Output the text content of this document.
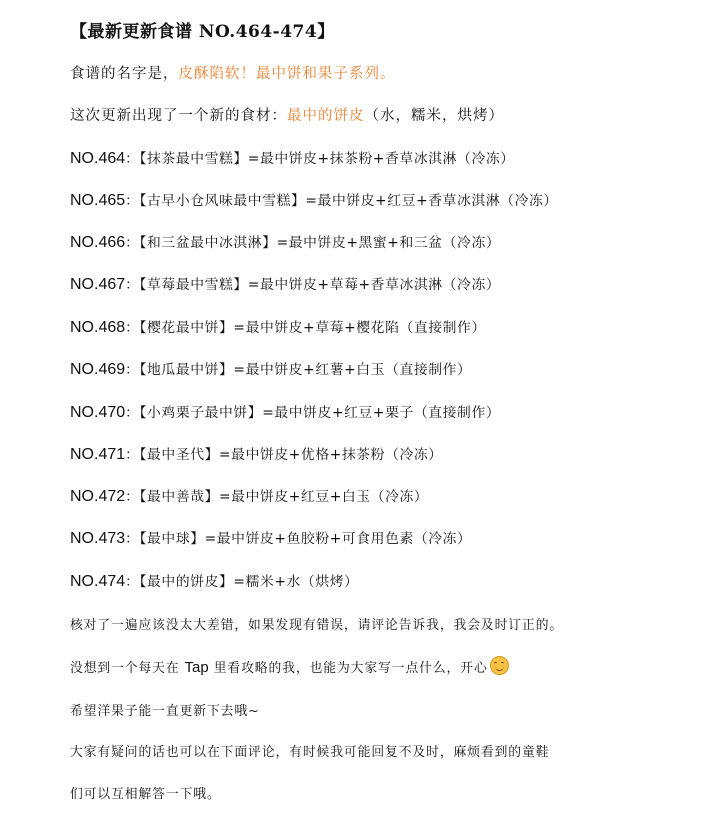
【最新更新食谱 NO.464-474】
食谱的名字是，皮酥陷软！最中饼和果子系列。
这次更新出现了一个新的食材：最中的饼皮（水，糯米，烘烤）
NO.464：【抹茶最中雪糕】=最中饼皮+抹茶粉+香草冰淇淋（冷冻）
NO.465：【古早小仓风味最中雪糕】=最中饼皮+红豆+香草冰淇淋（冷冻）
NO.466：【和三盆最中冰淇淋】=最中饼皮+黑蜜+和三盆（冷冻）
NO.467：【草莓最中雪糕】=最中饼皮+草莓+香草冰淇淋（冷冻）
NO.468：【樱花最中饼】=最中饼皮+草莓+樱花陷（直接制作）
NO.469：【地瓜最中饼】=最中饼皮+红薯+白玉（直接制作）
NO.470：【小鸡栗子最中饼】=最中饼皮+红豆+栗子（直接制作）
NO.471：【最中圣代】=最中饼皮+优格+抹茶粉（冷冻）
NO.472：【最中善哉】=最中饼皮+红豆+白玉（冷冻）
NO.473：【最中球】=最中饼皮+鱼胶粉+可食用色素（冷冻）
NO.474：【最中的饼皮】=糯米+水（烘烤）
核对了一遍应该没太大差错，如果发现有错误，请评论告诉我，我会及时订正的。
没想到一个每天在 Tap 里看攻略的我，也能为大家写一点什么，开心
希望洋果子能一直更新下去哦~
大家有疑问的话也可以在下面评论，有时候我可能回复不及时，麻烦看到的童鞋
们可以互相解答一下哦。
